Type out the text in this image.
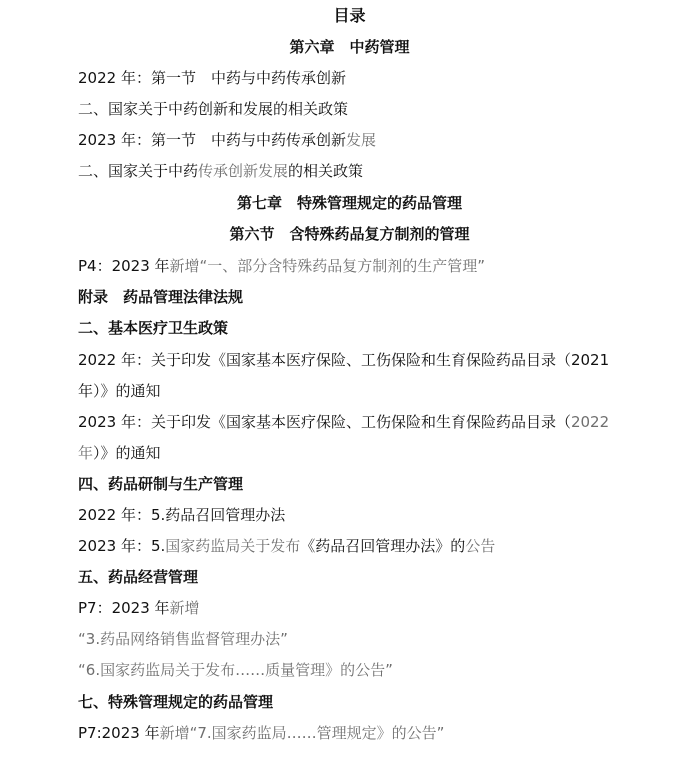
目录
第六章　中药管理
2022 年：第一节　中药与中药传承创新
二、国家关于中药创新和发展的相关政策
2023 年：第一节　中药与中药传承创新发展
二、国家关于中药传承创新发展的相关政策
第七章　特殊管理规定的药品管理
第六节　含特殊药品复方制剂的管理
P4：2023 年新增“一、部分含特殊药品复方制剂的生产管理”
附录　药品管理法律法规
二、基本医疗卫生政策
2022 年：关于印发《国家基本医疗保险、工伤保险和生育保险药品目录（2021
年）》的通知
2023 年：关于印发《国家基本医疗保险、工伤保险和生育保险药品目录（2022
年）》的通知
四、药品研制与生产管理
2022 年：5.药品召回管理办法
2023 年：5.国家药监局关于发布《药品召回管理办法》的公告
五、药品经营管理
P7：2023 年新增
“3.药品网络销售监督管理办法”
“6.国家药监局关于发布……质量管理》的公告”
七、特殊管理规定的药品管理
P7:2023 年新增“7.国家药监局……管理规定》的公告”
